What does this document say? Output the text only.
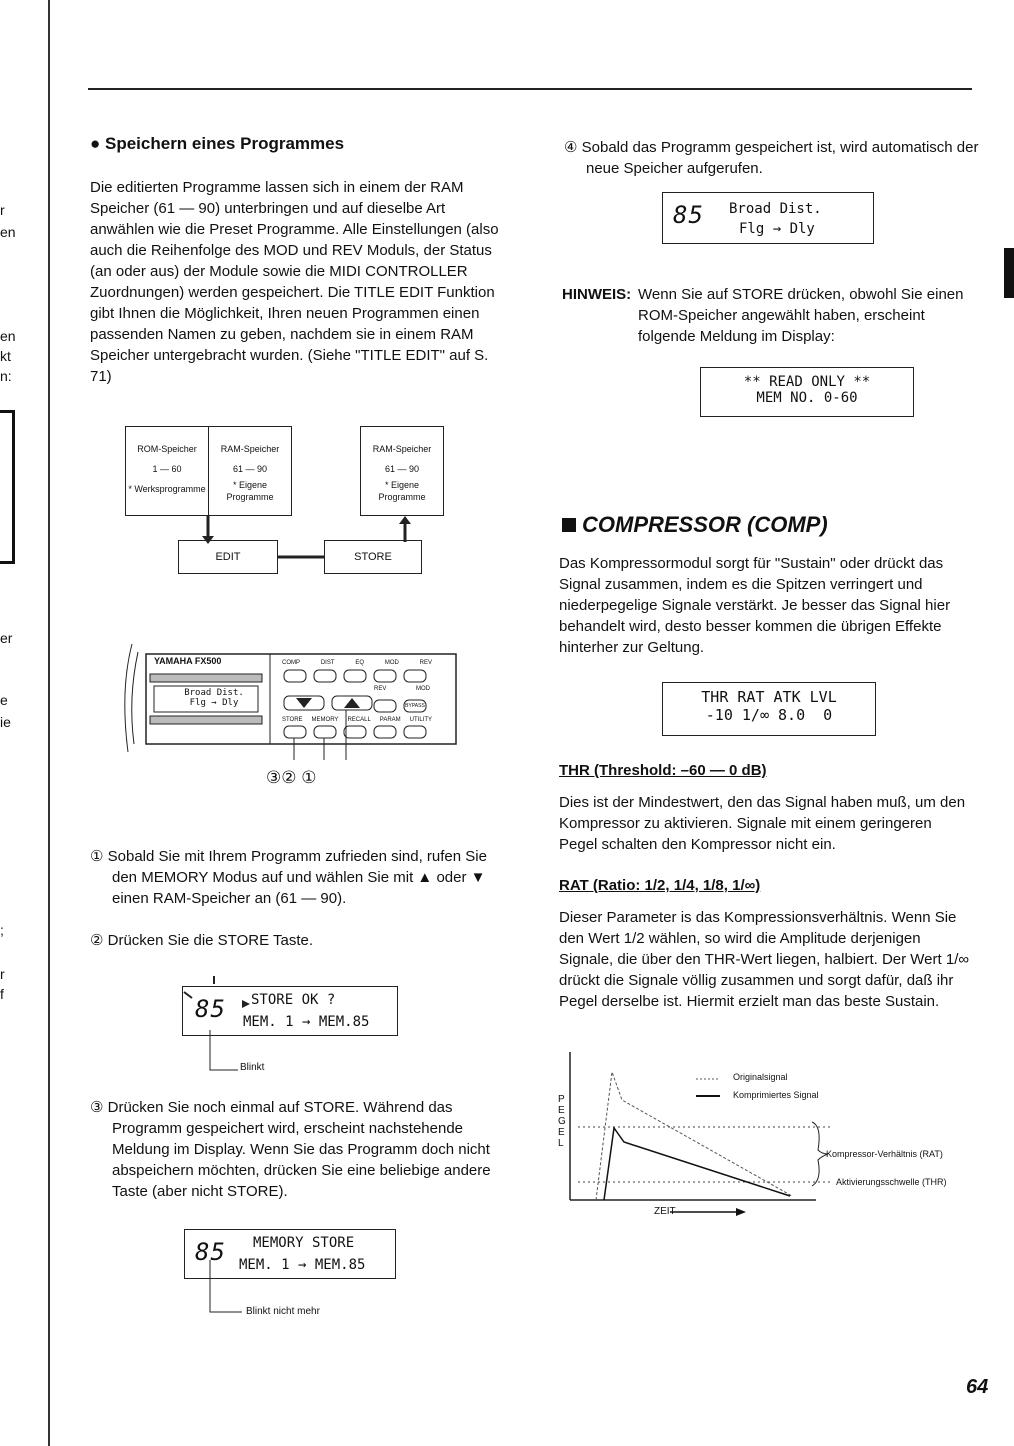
r
en
en
kt
n:
er
e
ie
;
r
f
● Speichern eines Programmes
Die editierten Programme lassen sich in einem der RAM Speicher (61 — 90) unterbringen und auf dieselbe Art anwählen wie die Preset Programme. Alle Einstellungen (also auch die Reihenfolge des MOD und REV Moduls, der Status (an oder aus) der Module sowie die MIDI CONTROLLER Zuordnungen) werden gespeichert. Die TITLE EDIT Funktion gibt Ihnen die Möglichkeit, Ihren neuen Programmen einen passenden Namen zu geben, nachdem sie in einem RAM Speicher untergebracht wurden. (Siehe "TITLE EDIT" auf S. 71)
ROM-Speicher
1 — 60
* Werksprogramme
RAM-Speicher
61 — 90
* Eigene Programme
RAM-Speicher
61 — 90
* Eigene Programme
EDIT	STORE
YAMAHA FX500
Broad Dist.
Flg → Dly
COMP	DIST	EQ	MOD	REV
REV	MOD
BYPASS
STORE MEMORY RECALL PARAM UTILITY
③② ①
① Sobald Sie mit Ihrem Programm zufrieden sind, rufen Sie den MEMORY Modus auf und wählen Sie mit ▲ oder ▼ einen RAM-Speicher an (61 — 90).
② Drücken Sie die STORE Taste.
85 STORE OK ?
MEM. 1 → MEM.85
Blinkt
③ Drücken Sie noch einmal auf STORE. Während das Programm gespeichert wird, erscheint nachstehende Meldung im Display. Wenn Sie das Programm doch nicht abspeichern möchten, drücken Sie eine beliebige andere Taste (aber nicht STORE).
85 MEMORY STORE
MEM. 1 → MEM.85
Blinkt nicht mehr
④ Sobald das Programm gespeichert ist, wird automatisch der neue Speicher aufgerufen.
85 Broad Dist.
Flg → Dly
HINWEIS: Wenn Sie auf STORE drücken, obwohl Sie einen ROM-Speicher angewählt haben, erscheint folgende Meldung im Display:
** READ ONLY **
MEM NO. 0-60
COMPRESSOR (COMP)
Das Kompressormodul sorgt für "Sustain" oder drückt das Signal zusammen, indem es die Spitzen verringert und niederpegelige Signale verstärkt. Je besser das Signal hier behandelt wird, desto besser kommen die übrigen Effekte hinterher zur Geltung.
THR RAT ATK LVL
-10 1/∞ 8.0  0
THR (Threshold: –60 — 0 dB)
Dies ist der Mindestwert, den das Signal haben muß, um den Kompressor zu aktivieren. Signale mit einem geringeren Pegel schalten den Kompressor nicht ein.
RAT (Ratio: 1/2, 1/4, 1/8, 1/∞)
Dieser Parameter is das Kompressionsverhältnis. Wenn Sie den Wert 1/2 wählen, so wird die Amplitude derjenigen Signale, die über den THR-Wert liegen, halbiert. Der Wert 1/∞ drückt die Signale völlig zusammen und sorgt dafür, daß ihr Pegel derselbe ist. Hiermit erzielt man das beste Sustain.
P
E
G
E
L
Originalsignal
Komprimiertes Signal
Kompressor-Verhältnis (RAT)
Aktivierungsschwelle (THR)
ZEIT
64
